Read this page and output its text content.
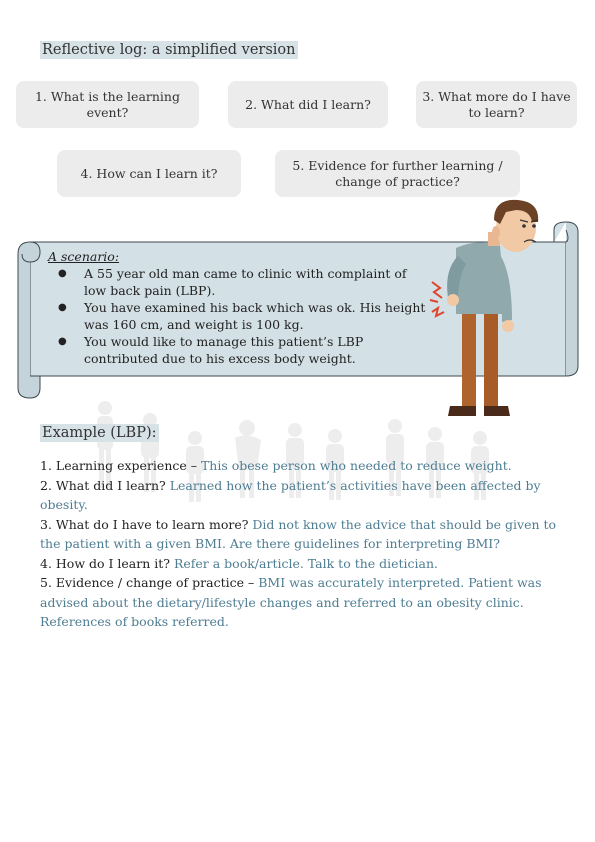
Reflective log: a simplified version
1. What is the learning event?
2. What did I learn?
3. What more do I have to learn?
4. How can I learn it?
5. Evidence for further learning / change of practice?
A scenario:
● A 55 year old man came to clinic with complaint of low back pain (LBP).
● You have examined his back which was ok. His height was 160 cm, and weight is 100 kg.
● You would like to manage this patient’s LBP contributed due to his excess body weight.
Example (LBP):

1. Learning experience – This obese person who needed to reduce weight.

2. What did I learn? Learned how the patient’s activities have been affected by obesity.

3. What do I have to learn more? Did not know the advice that should be given to the patient with a given BMI. Are there guidelines for interpreting BMI?

4. How do I learn it? Refer a book/article. Talk to the dietician.

5. Evidence / change of practice – BMI was accurately interpreted. Patient was advised about the dietary/lifestyle changes and referred to an obesity clinic. References of books referred.
